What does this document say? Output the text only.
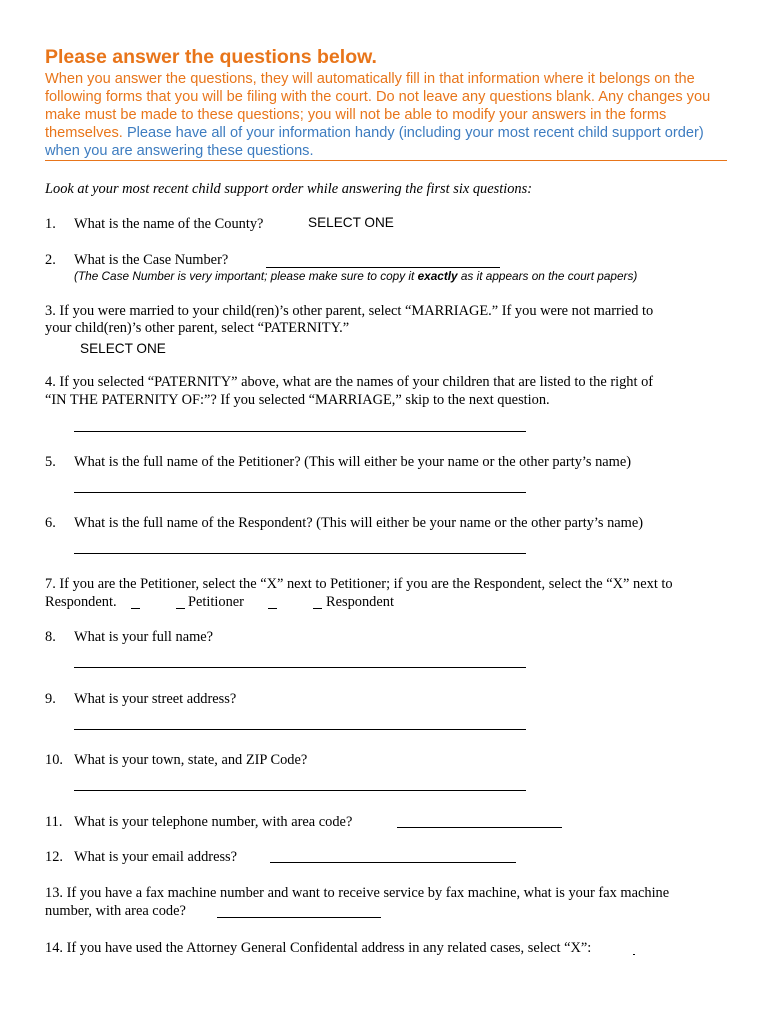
Please answer the questions below.
When you answer the questions, they will automatically fill in that information where it belongs on the following forms that you will be filing with the court. Do not leave any questions blank. Any changes you make must be made to these questions; you will not be able to modify your answers in the forms themselves. Please have all of your information handy (including your most recent child support order) when you are answering these questions.
Look at your most recent child support order while answering the first six questions:
1. What is the name of the County?	SELECT ONE
2. What is the Case Number?
(The Case Number is very important; please make sure to copy it exactly as it appears on the court papers)
3. If you were married to your child(ren)’s other parent, select “MARRIAGE.” If you were not married to
your child(ren)’s other parent, select “PATERNITY.”
SELECT ONE
4. If you selected “PATERNITY” above, what are the names of your children that are listed to the right of
“IN THE PATERNITY OF:”? If you selected “MARRIAGE,” skip to the next question.
5. What is the full name of the Petitioner? (This will either be your name or the other party’s name)
6. What is the full name of the Respondent? (This will either be your name or the other party’s name)
7. If you are the Petitioner, select the “X” next to Petitioner; if you are the Respondent, select the “X” next to
Respondent.	Petitioner	Respondent
8. What is your full name?
9. What is your street address?
10. What is your town, state, and ZIP Code?
11. What is your telephone number, with area code?
12. What is your email address?
13. If you have a fax machine number and want to receive service by fax machine, what is your fax machine
number, with area code?
14. If you have used the Attorney General Confidental address in any related cases, select “X”:
